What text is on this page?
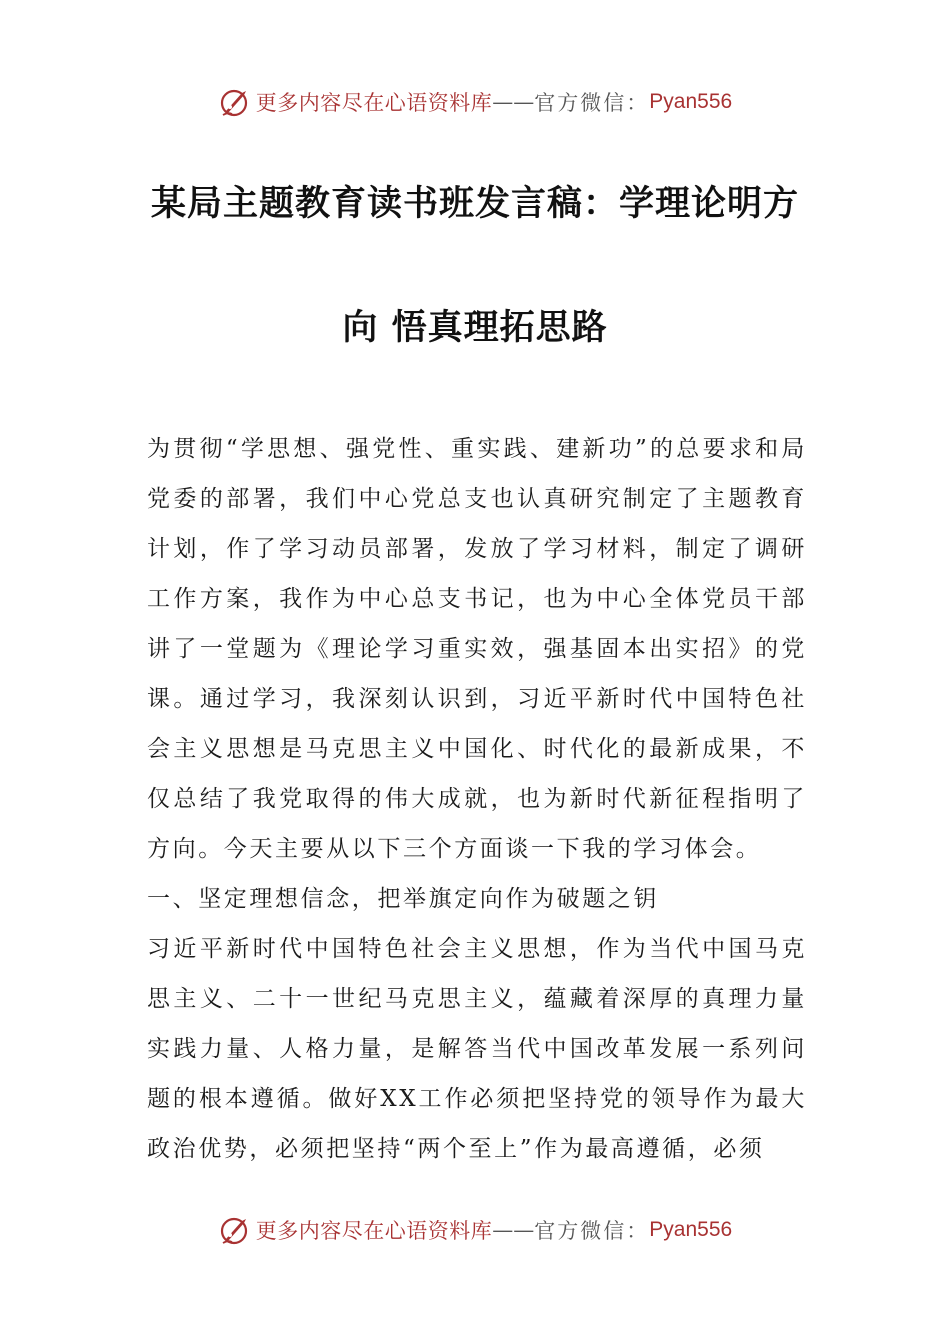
更多内容尽在心语资料库 —— 官方微信： Pyan556
某局主题教育读书班发言稿：学理论明方
向 悟真理拓思路

为贯彻“学思想、强党性、重实践、建新功”的总要求和局党委的部署，我们中心党总支也认真研究制定了主题教育计划，作了学习动员部署，发放了学习材料，制定了调研工作方案，我作为中心总支书记，也为中心全体党员干部讲了一堂题为《理论学习重实效，强基固本出实招》的党课。通过学习，我深刻认识到，习近平新时代中国特色社会主义思想是马克思主义中国化、时代化的最新成果，不仅总结了我党取得的伟大成就，也为新时代新征程指明了方向。今天主要从以下三个方面谈一下我的学习体会。

一、坚定理想信念，把举旗定向作为破题之钥

习近平新时代中国特色社会主义思想，作为当代中国马克思主义、二十一世纪马克思主义，蕴藏着深厚的真理力量实践力量、人格力量，是解答当代中国改革发展一系列问题的根本遵循。做好XX工作必须把坚持党的领导作为最大政治优势，必须把坚持“两个至上”作为最高遵循，必须

更多内容尽在心语资料库 —— 官方微信： Pyan556
